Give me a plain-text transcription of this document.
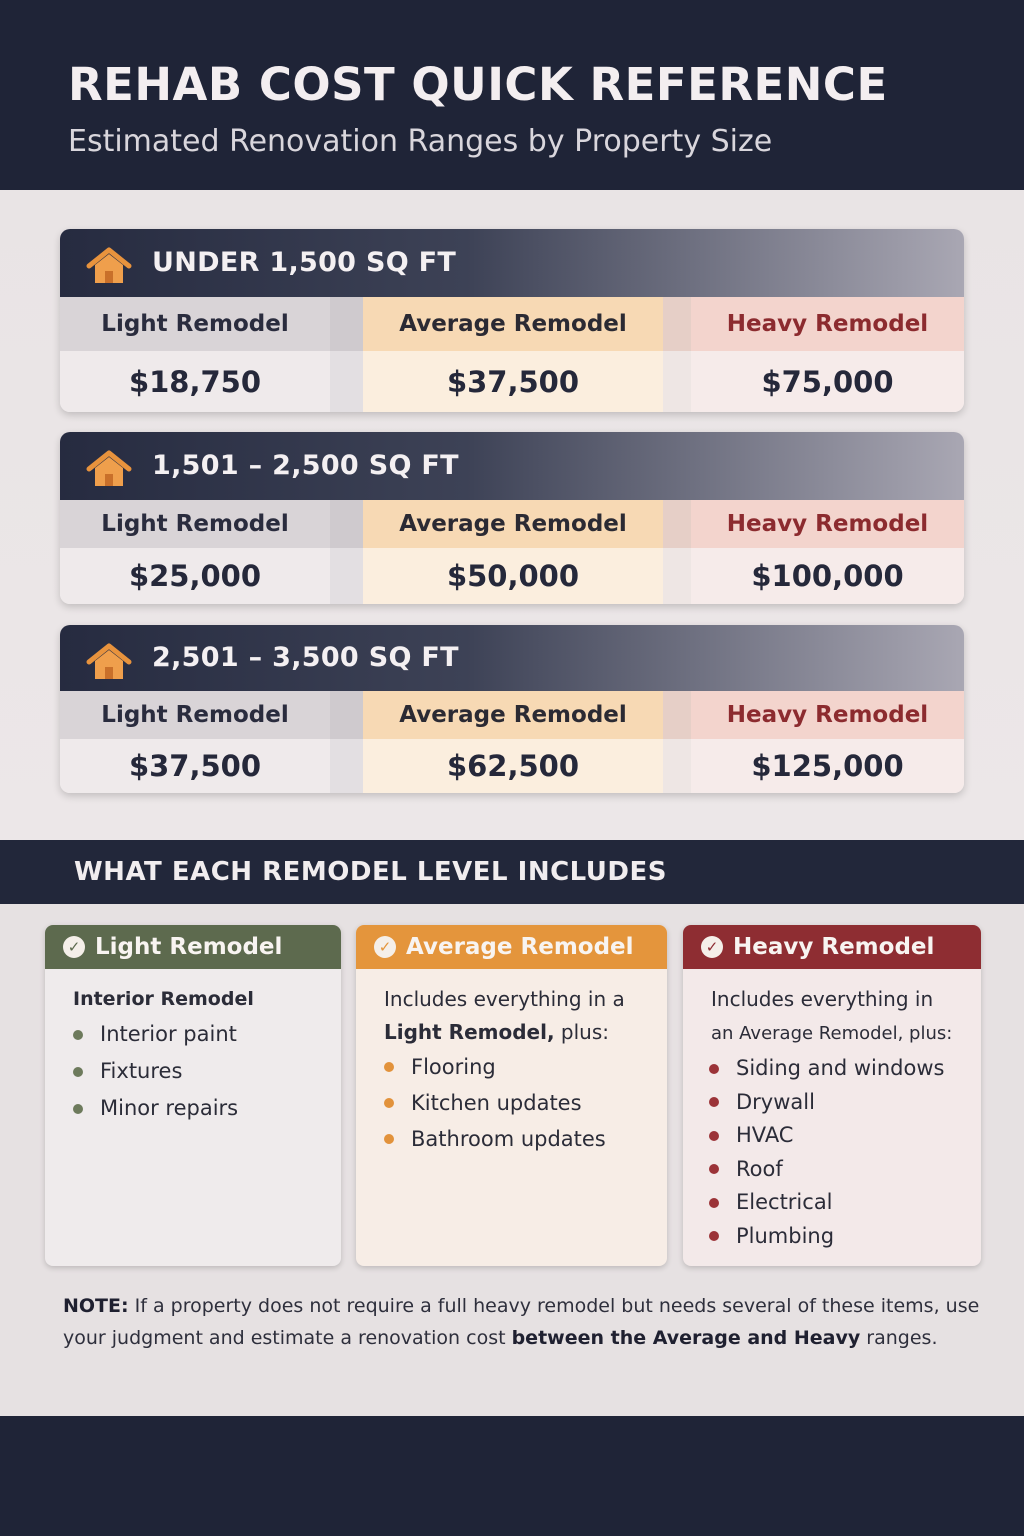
REHAB COST QUICK REFERENCE
Estimated Renovation Ranges by Property Size
UNDER 1,500 SQ FT
Light Remodel
$18,750
Average Remodel
$37,500
Heavy Remodel
$75,000
1,501 – 2,500 SQ FT
Light Remodel
$25,000
Average Remodel
$50,000
Heavy Remodel
$100,000
2,501 – 3,500 SQ FT
Light Remodel
$37,500
Average Remodel
$62,500
Heavy Remodel
$125,000
WHAT EACH REMODEL LEVEL INCLUDES
✓ Light Remodel
Interior Remodel
Interior paint
Fixtures
Minor repairs
✓ Average Remodel
Includes everything in a
Light Remodel, plus:
Flooring
Kitchen updates
Bathroom updates
✓ Heavy Remodel
Includes everything in
an Average Remodel, plus:
Siding and windows
Drywall
HVAC
Roof
Electrical
Plumbing
NOTE: If a property does not require a full heavy remodel but needs several of these items, use your judgment and estimate a renovation cost between the Average and Heavy ranges.
